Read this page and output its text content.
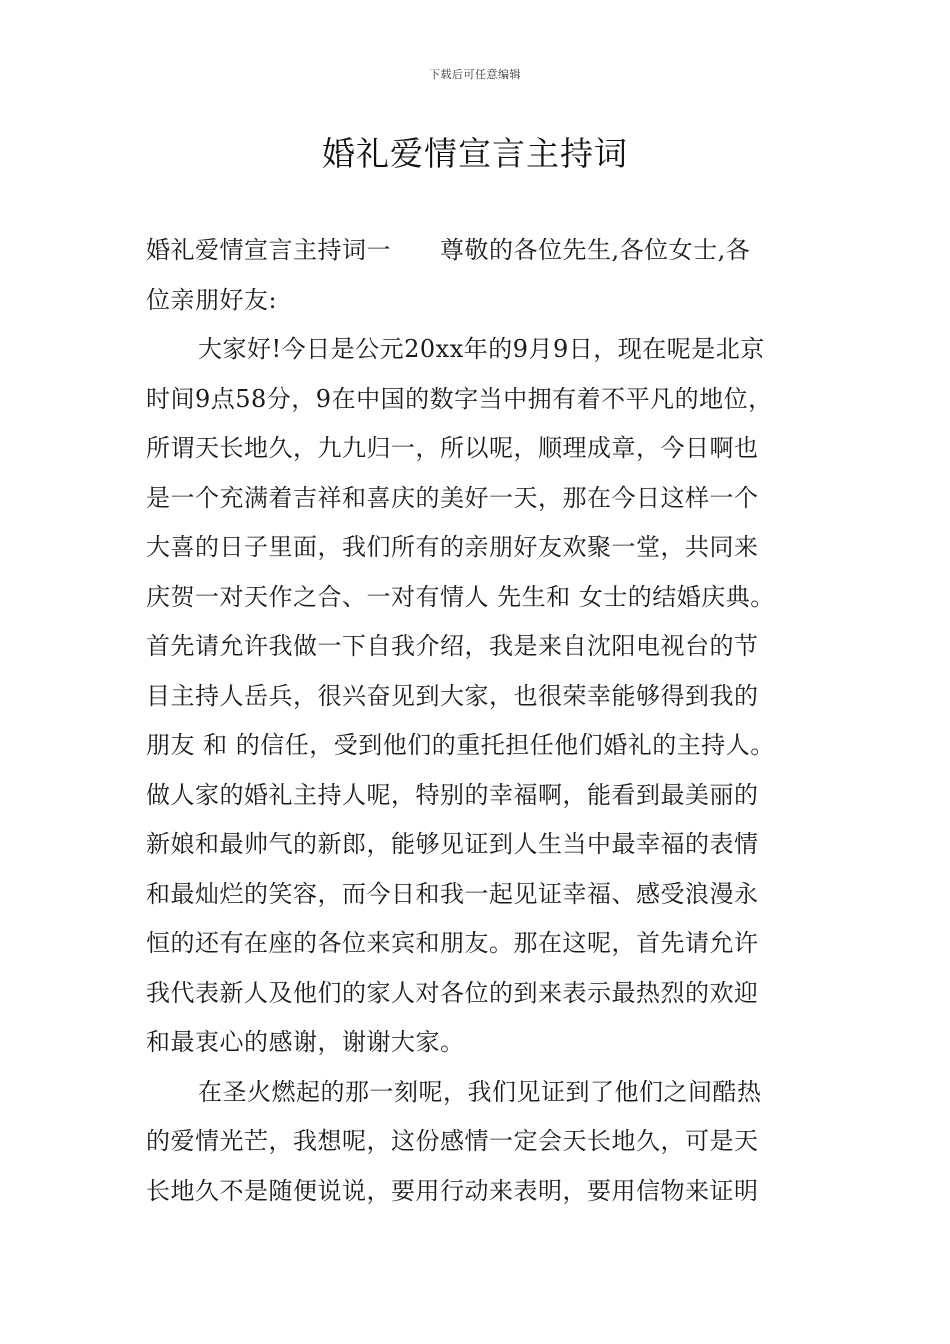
下载后可任意编辑
婚礼爱情宣言主持词
婚礼爱情宣言主持词一　　尊敬的各位先生,各位女士,各
位亲朋好友:
大家好!今日是公元20xx年的9月9日，现在呢是北京
时间9点58分，9在中国的数字当中拥有着不平凡的地位，
所谓天长地久，九九归一，所以呢，顺理成章，今日啊也
是一个充满着吉祥和喜庆的美好一天，那在今日这样一个
大喜的日子里面，我们所有的亲朋好友欢聚一堂，共同来
庆贺一对天作之合、一对有情人 先生和 女士的结婚庆典。
首先请允许我做一下自我介绍，我是来自沈阳电视台的节
目主持人岳兵，很兴奋见到大家，也很荣幸能够得到我的
朋友 和 的信任，受到他们的重托担任他们婚礼的主持人。
做人家的婚礼主持人呢，特别的幸福啊，能看到最美丽的
新娘和最帅气的新郎，能够见证到人生当中最幸福的表情
和最灿烂的笑容，而今日和我一起见证幸福、感受浪漫永
恒的还有在座的各位来宾和朋友。那在这呢，首先请允许
我代表新人及他们的家人对各位的到来表示最热烈的欢迎
和最衷心的感谢，谢谢大家。
在圣火燃起的那一刻呢，我们见证到了他们之间酷热
的爱情光芒，我想呢，这份感情一定会天长地久，可是天
长地久不是随便说说，要用行动来表明，要用信物来证明
